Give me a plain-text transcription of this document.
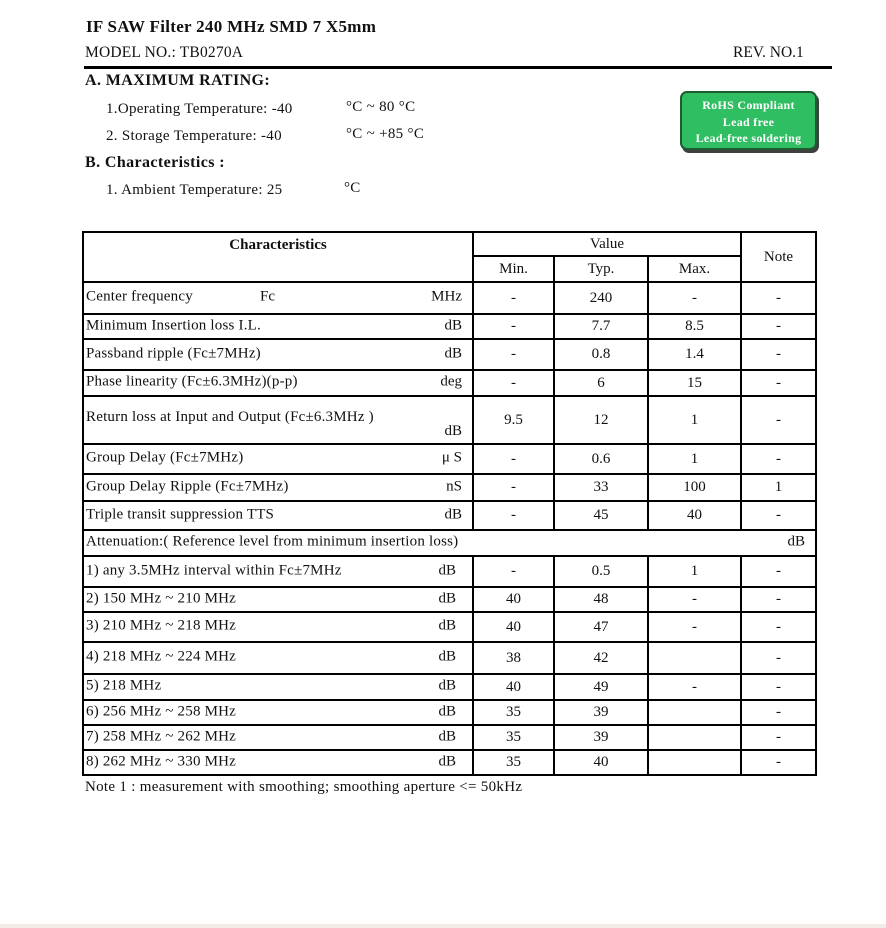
IF SAW Filter 240 MHz SMD 7 X5mm
MODEL NO.: TB0270A	REV. NO.1
A. MAXIMUM RATING:
1.Operating Temperature: -40	°C ~ 80 °C
2. Storage Temperature: -40	°C ~ +85 °C
B. Characteristics :
1. Ambient Temperature: 25	°C
RoHS Compliant
Lead free
Lead-free soldering
Characteristics	Value			Note
	Min.	Typ.	Max.	

Center frequency Fc MHz	-	240	-	-

Minimum Insertion loss I.L. dB	-	7.7	8.5	-

Passband ripple (Fc±7MHz) dB	-	0.8	1.4	-

Phase linearity (Fc±6.3MHz)(p-p) deg	-	6	15	-

Return loss at Input and Output (Fc±6.3MHz )
dB	9.5	12	1	-

Group Delay (Fc±7MHz) μ S	-	0.6	1	-

Group Delay Ripple (Fc±7MHz) nS	-	33	100	1

Triple transit suppression TTS dB	-	45	40	-

Attenuation:( Reference level from minimum insertion loss) dB				

1) any 3.5MHz interval within Fc±7MHz dB	-	0.5	1	-

2) 150 MHz ~ 210 MHz dB	40	48	-	-

3) 210 MHz ~ 218 MHz dB	40	47	-	-

4) 218 MHz ~ 224 MHz dB	38	42		-

5) 218 MHz dB	40	49	-	-

6) 256 MHz ~ 258 MHz dB	35	39		-

7) 258 MHz ~ 262 MHz dB	35	39		-

8) 262 MHz ~ 330 MHz dB	35	40		-
Note 1 : measurement with smoothing; smoothing aperture <= 50kHz
